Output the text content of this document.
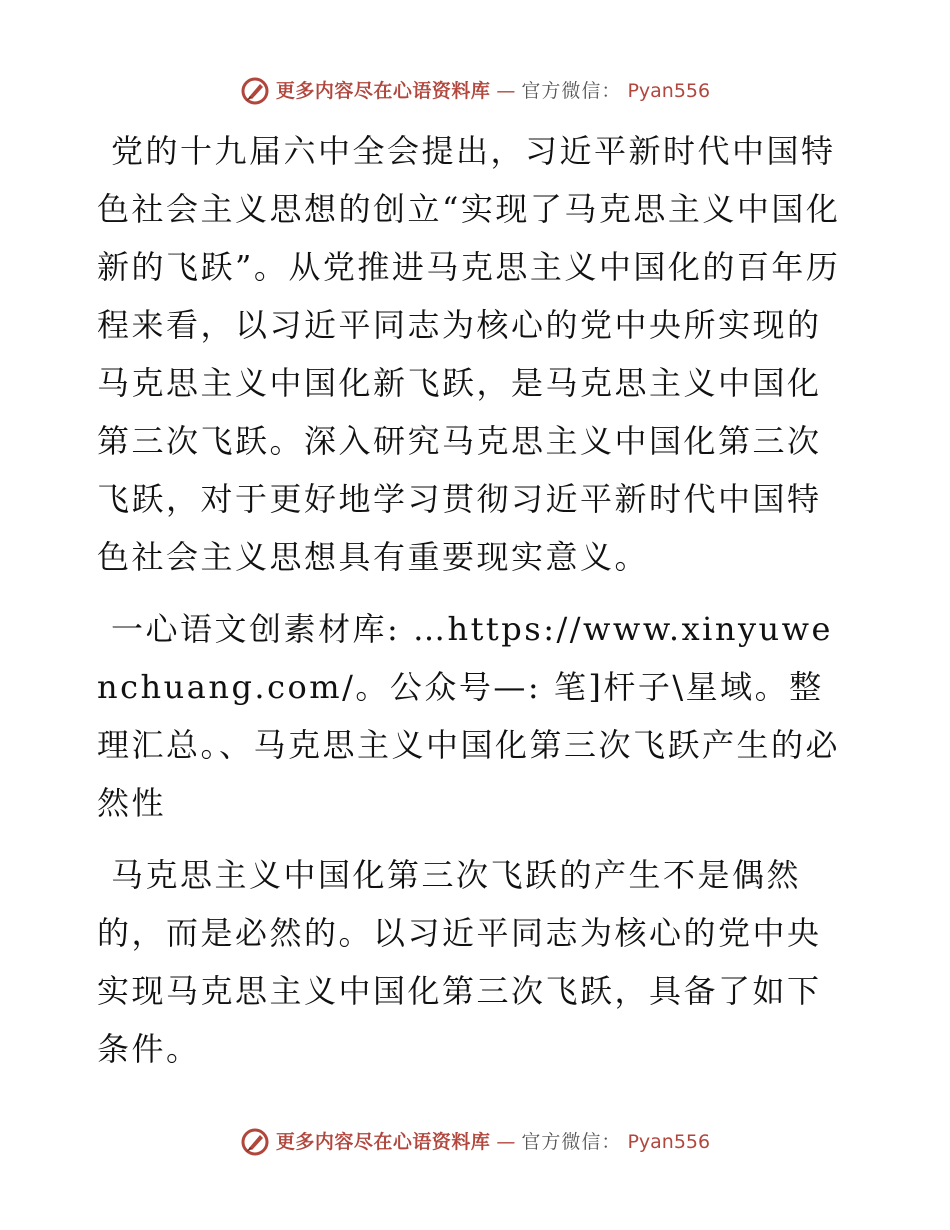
更多内容尽在心语资料库 — 官方微信： Pyan556

党的十九届六中全会提出，习近平新时代中国特色社会主义思想的创立“实现了马克思主义中国化新的飞跃”。从党推进马克思主义中国化的百年历程来看，以习近平同志为核心的党中央所实现的马克思主义中国化新飞跃，是马克思主义中国化第三次飞跃。深入研究马克思主义中国化第三次飞跃，对于更好地学习贯彻习近平新时代中国特色社会主义思想具有重要现实意义。

一心语文创素材库: …https://www.xinyuwenchuang.com/。公众号—: 笔]杆子\星域。整理汇总。、马克思主义中国化第三次飞跃产生的必然性

马克思主义中国化第三次飞跃的产生不是偶然的，而是必然的。以习近平同志为核心的党中央实现马克思主义中国化第三次飞跃，具备了如下条件。

更多内容尽在心语资料库 — 官方微信： Pyan556
